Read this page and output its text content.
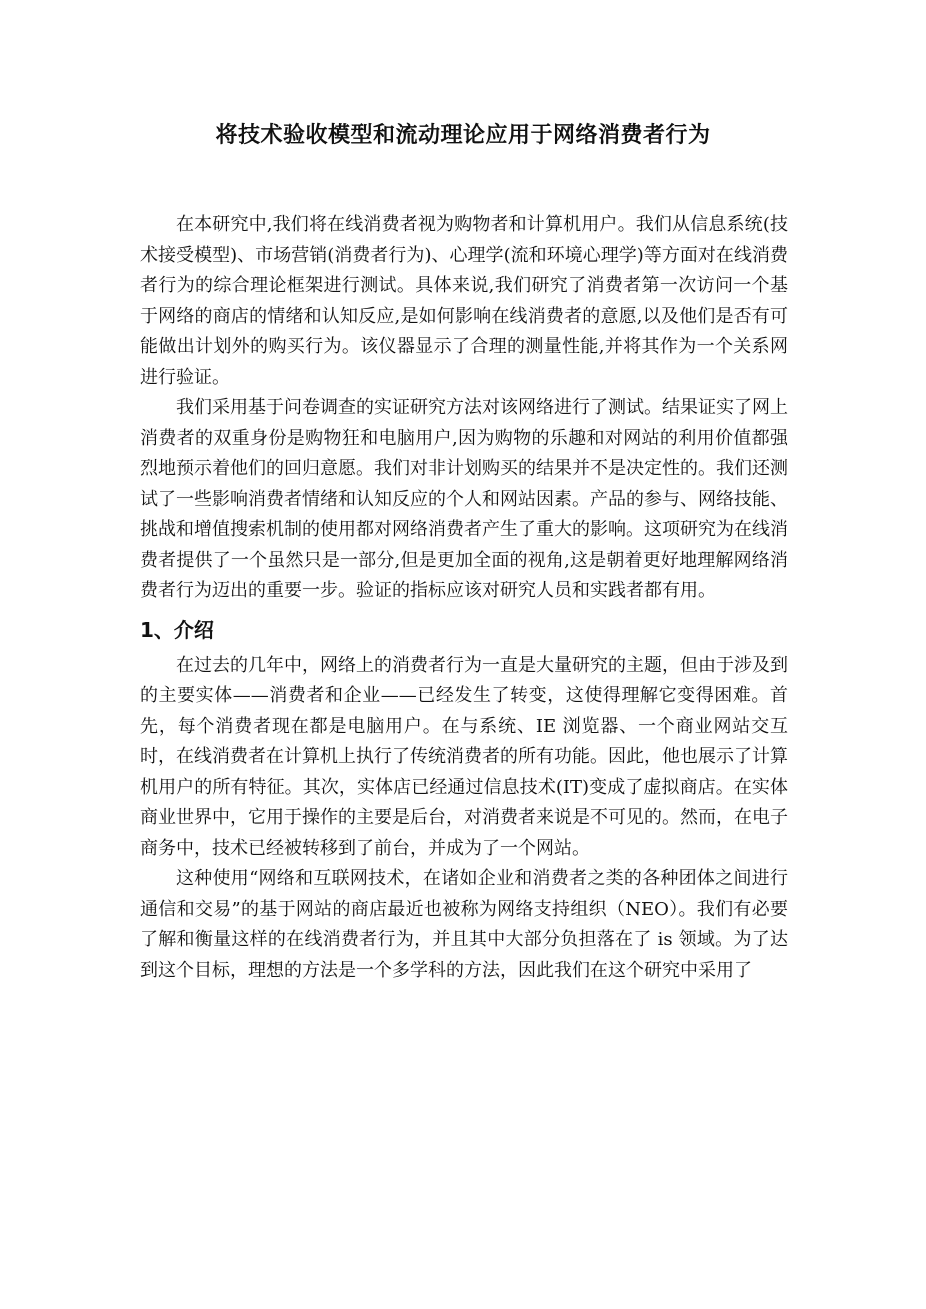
将技术验收模型和流动理论应用于网络消费者行为

在本研究中,我们将在线消费者视为购物者和计算机用户。我们从信息系统(技术接受模型)、市场营销(消费者行为)、心理学(流和环境心理学)等方面对在线消费者行为的综合理论框架进行测试。具体来说,我们研究了消费者第一次访问一个基于网络的商店的情绪和认知反应,是如何影响在线消费者的意愿,以及他们是否有可能做出计划外的购买行为。该仪器显示了合理的测量性能,并将其作为一个关系网进行验证。

我们采用基于问卷调查的实证研究方法对该网络进行了测试。结果证实了网上消费者的双重身份是购物狂和电脑用户,因为购物的乐趣和对网站的利用价值都强烈地预示着他们的回归意愿。我们对非计划购买的结果并不是决定性的。我们还测试了一些影响消费者情绪和认知反应的个人和网站因素。产品的参与、网络技能、挑战和增值搜索机制的使用都对网络消费者产生了重大的影响。这项研究为在线消费者提供了一个虽然只是一部分,但是更加全面的视角,这是朝着更好地理解网络消费者行为迈出的重要一步。验证的指标应该对研究人员和实践者都有用。

1、介绍

在过去的几年中，网络上的消费者行为一直是大量研究的主题，但由于涉及到的主要实体——消费者和企业——已经发生了转变，这使得理解它变得困难。首先，每个消费者现在都是电脑用户。在与系统、IE 浏览器、一个商业网站交互时，在线消费者在计算机上执行了传统消费者的所有功能。因此，他也展示了计算机用户的所有特征。其次，实体店已经通过信息技术(IT)变成了虚拟商店。在实体商业世界中，它用于操作的主要是后台，对消费者来说是不可见的。然而，在电子商务中，技术已经被转移到了前台，并成为了一个网站。

这种使用“网络和互联网技术，在诸如企业和消费者之类的各种团体之间进行通信和交易”的基于网站的商店最近也被称为网络支持组织（NEO）。我们有必要了解和衡量这样的在线消费者行为，并且其中大部分负担落在了 is 领域。为了达到这个目标，理想的方法是一个多学科的方法，因此我们在这个研究中采用了
